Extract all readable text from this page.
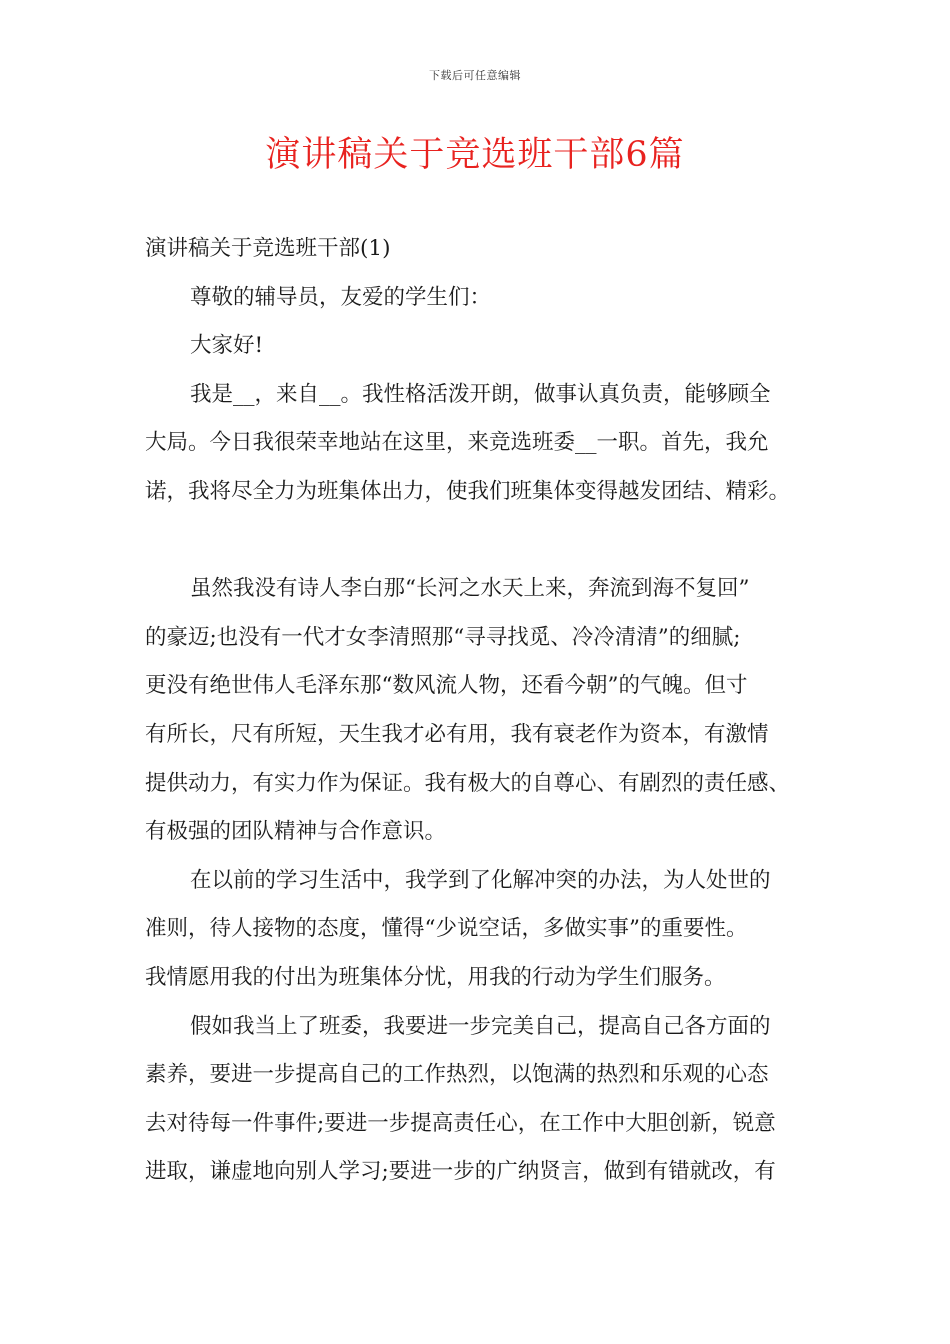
下载后可任意编辑
演讲稿关于竞选班干部6篇

演讲稿关于竞选班干部(1)

尊敬的辅导员，友爱的学生们：

大家好!

我是__，来自__。我性格活泼开朗，做事认真负责，能够顾全
大局。今日我很荣幸地站在这里，来竞选班委__一职。首先，我允
诺，我将尽全力为班集体出力，使我们班集体变得越发团结、精彩。

虽然我没有诗人李白那“长河之水天上来，奔流到海不复回”
的豪迈;也没有一代才女李清照那“寻寻找觅、冷冷清清”的细腻;
更没有绝世伟人毛泽东那“数风流人物，还看今朝”的气魄。但寸
有所长，尺有所短，天生我才必有用，我有衰老作为资本，有激情
提供动力，有实力作为保证。我有极大的自尊心、有剧烈的责任感、
有极强的团队精神与合作意识。

在以前的学习生活中，我学到了化解冲突的办法，为人处世的
准则，待人接物的态度，懂得“少说空话，多做实事”的重要性。
我情愿用我的付出为班集体分忧，用我的行动为学生们服务。

假如我当上了班委，我要进一步完美自己，提高自己各方面的
素养，要进一步提高自己的工作热烈，以饱满的热烈和乐观的心态
去对待每一件事件;要进一步提高责任心，在工作中大胆创新，锐意
进取，谦虚地向别人学习;要进一步的广纳贤言，做到有错就改，有
